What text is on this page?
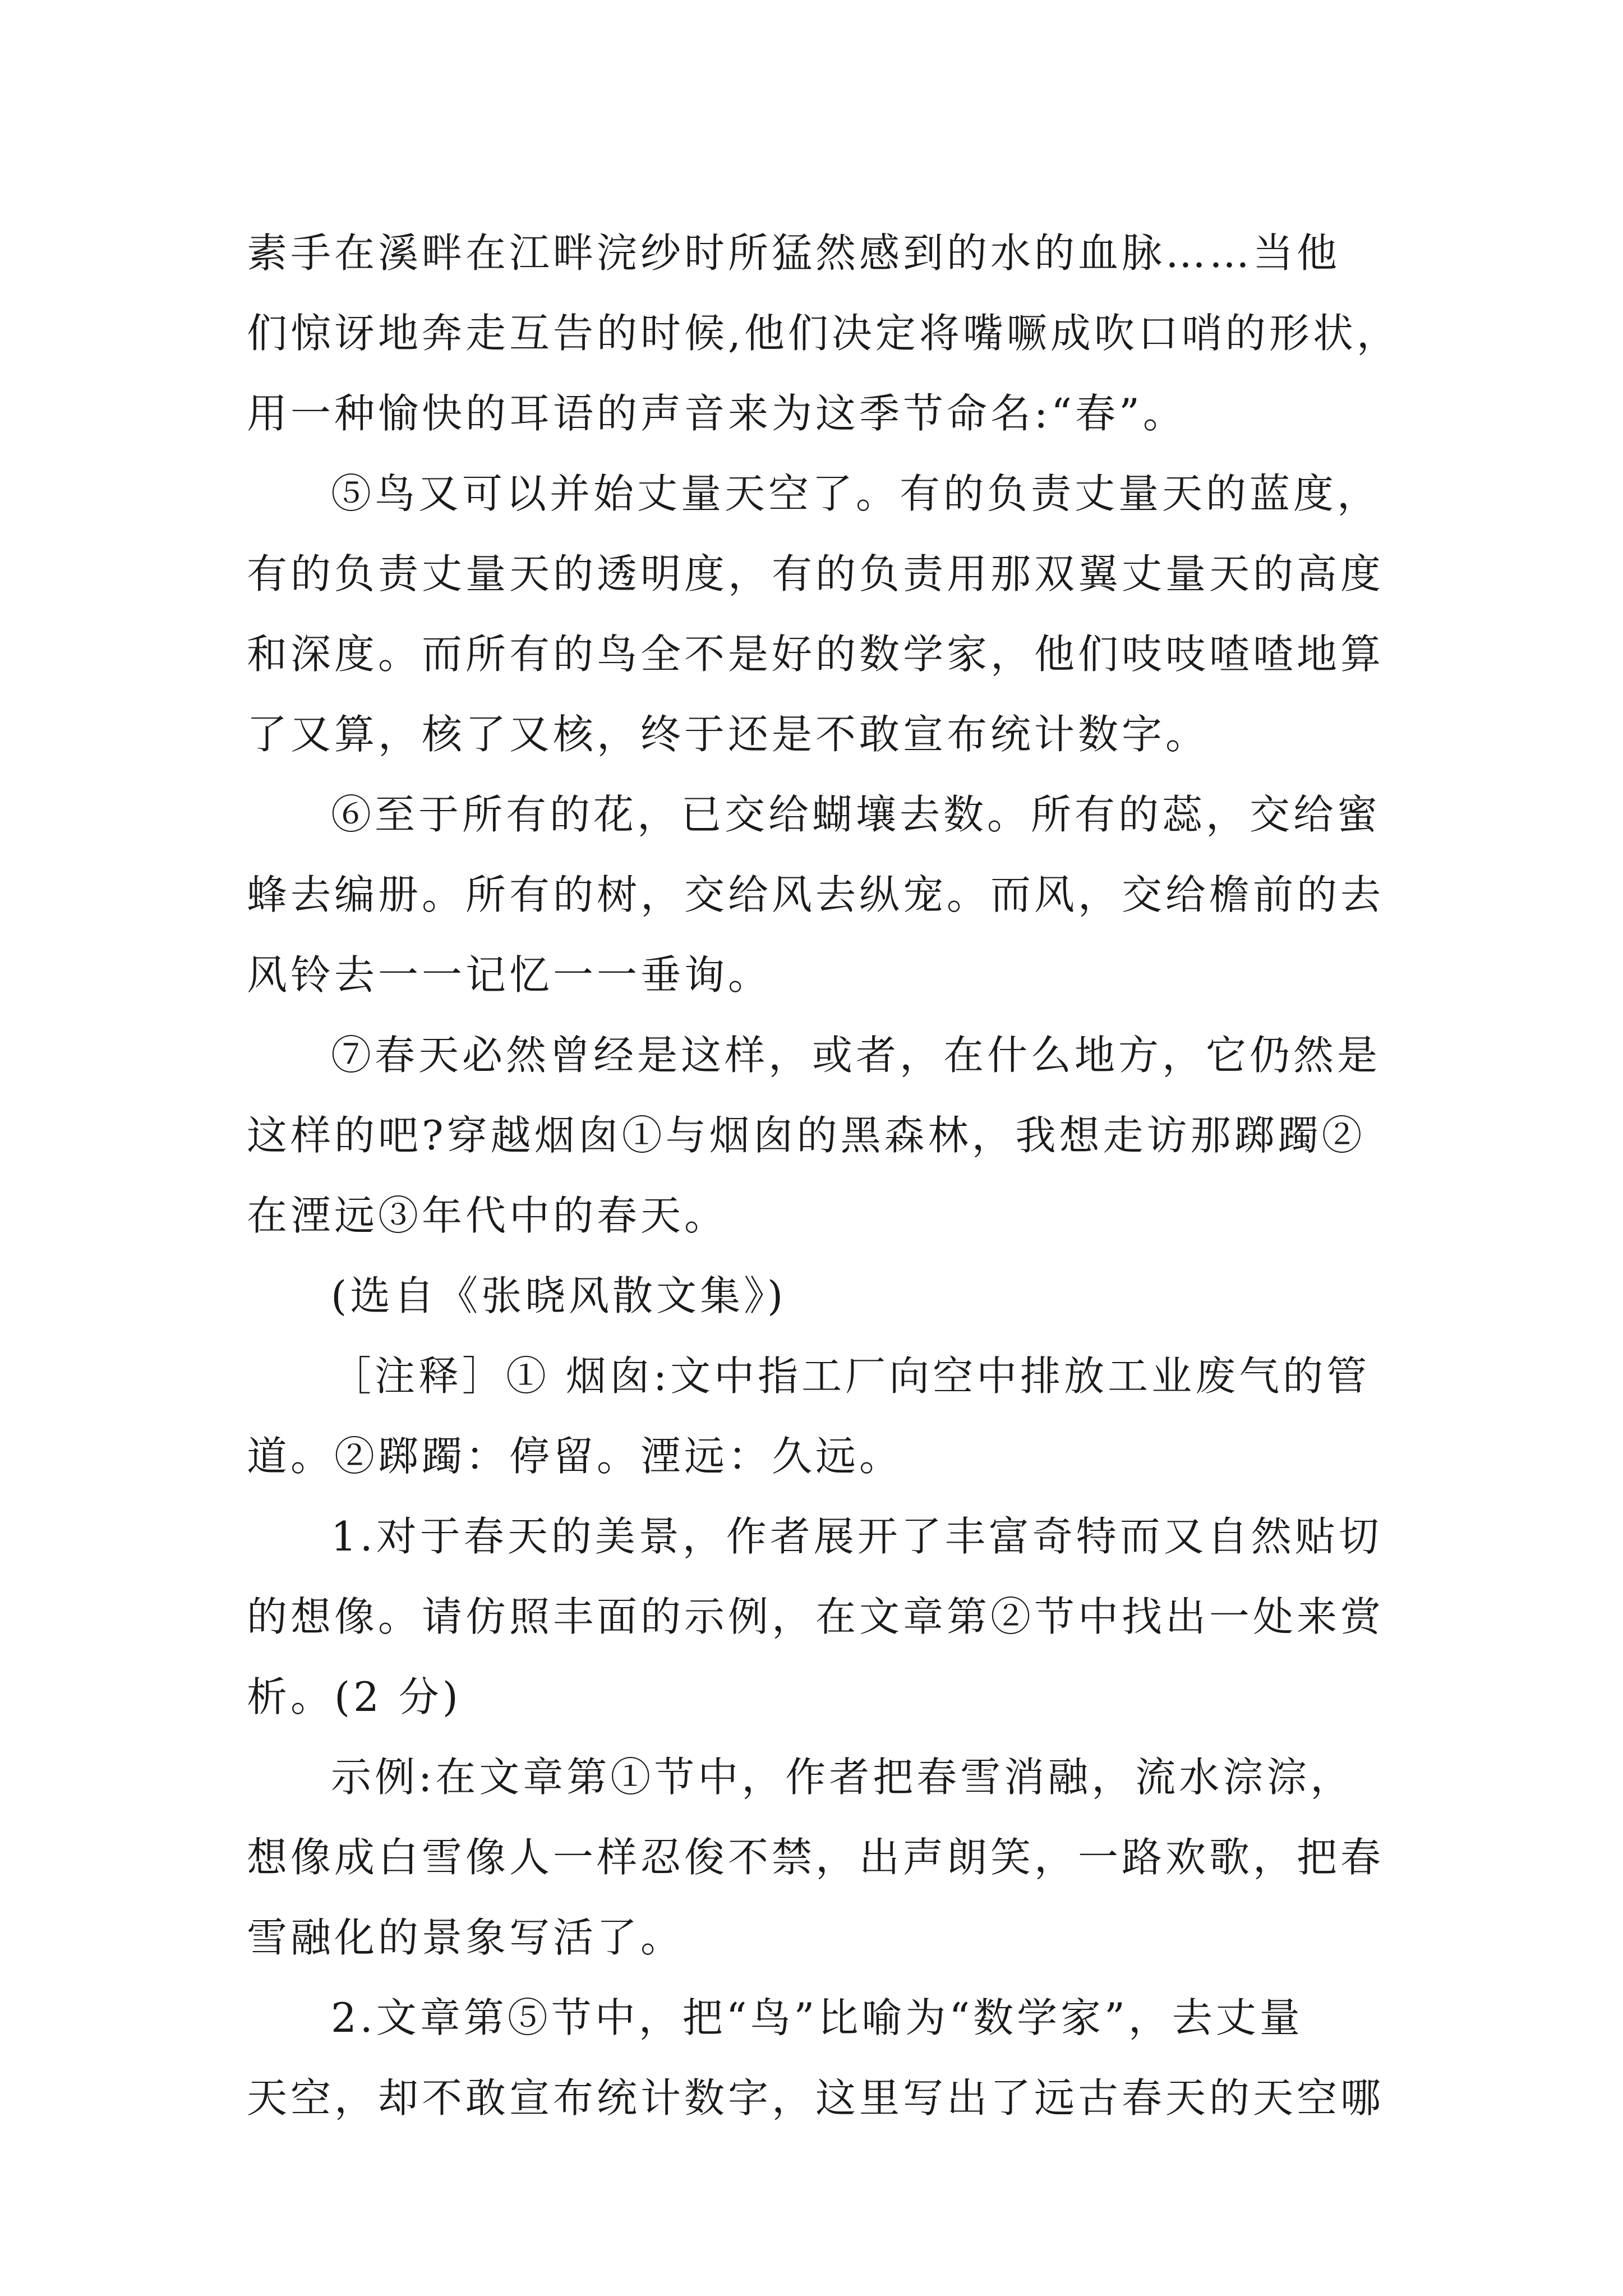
素手在溪畔在江畔浣纱时所猛然感到的水的血脉……当他
们惊讶地奔走互告的时候,他们决定将嘴噘成吹口哨的形状，
用一种愉快的耳语的声音来为这季节命名:“春”。
⑤鸟又可以并始丈量天空了。有的负责丈量天的蓝度，
有的负责丈量天的透明度，有的负责用那双翼丈量天的高度
和深度。而所有的鸟全不是好的数学家，他们吱吱喳喳地算
了又算，核了又核，终于还是不敢宣布统计数字。
⑥至于所有的花，已交给蝴壤去数。所有的蕊，交给蜜
蜂去编册。所有的树，交给风去纵宠。而风，交给檐前的去
风铃去一一记忆一一垂询。
⑦春天必然曾经是这样，或者，在什么地方，它仍然是
这样的吧?穿越烟囱①与烟囱的黑森林，我想走访那踯躅②
在湮远③年代中的春天。
(选自《张晓风散文集》)
［注释］① 烟囱:文中指工厂向空中排放工业废气的管
道。②踯躅：停留。湮远：久远。
1.对于春天的美景，作者展开了丰富奇特而又自然贴切
的想像。请仿照丰面的示例，在文章第②节中找出一处来赏
析。(2 分)
示例:在文章第①节中，作者把春雪消融，流水淙淙，
想像成白雪像人一样忍俊不禁，出声朗笑，一路欢歌，把春
雪融化的景象写活了。
2.文章第⑤节中，把“鸟”比喻为“数学家”，去丈量
天空，却不敢宣布统计数字，这里写出了远古春天的天空哪
